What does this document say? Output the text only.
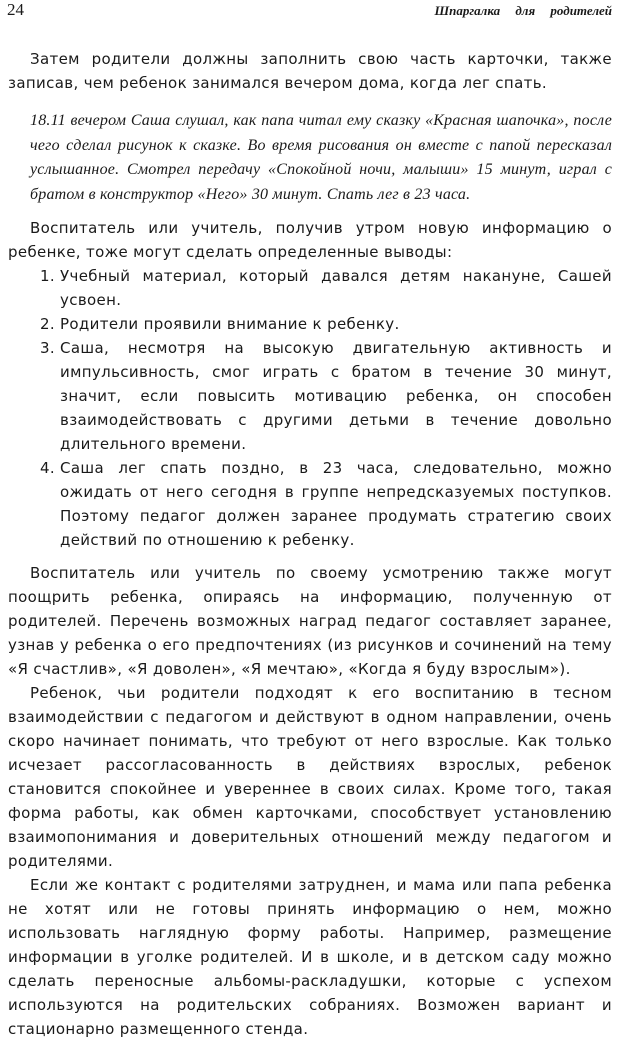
24	Шпаргалка для родителей

Затем родители должны заполнить свою часть карточки, также записав, чем ребенок занимался вечером дома, когда лег спать.

18.11 вечером Саша слушал, как папа читал ему сказку «Красная шапочка», после чего сделал рисунок к сказке. Во время рисования он вместе с папой пересказал услышанное. Смотрел передачу «Спокойной ночи, малыши» 15 минут, играл с братом в конструктор «Него» 30 минут. Спать лег в 23 часа.

Воспитатель или учитель, получив утром новую информацию о ребенке, тоже могут сделать определенные выводы:

1. Учебный материал, который давался детям накануне, Сашей усвоен.
2. Родители проявили внимание к ребенку.
3. Саша, несмотря на высокую двигательную активность и импульсивность, смог играть с братом в течение 30 минут, значит, если повысить мотивацию ребенка, он способен взаимодействовать с другими детьми в течение довольно длительного времени.
4. Саша лег спать поздно, в 23 часа, следовательно, можно ожидать от него сегодня в группе непредсказуемых поступков. Поэтому педагог должен заранее продумать стратегию своих действий по отношению к ребенку.

Воспитатель или учитель по своему усмотрению также могут поощрить ребенка, опираясь на информацию, полученную от родителей. Перечень возможных наград педагог составляет заранее, узнав у ребенка о его предпочтениях (из рисунков и сочинений на тему «Я счастлив», «Я доволен», «Я мечтаю», «Когда я буду взрослым»).

Ребенок, чьи родители подходят к его воспитанию в тесном взаимодействии с педагогом и действуют в одном направлении, очень скоро начинает понимать, что требуют от него взрослые. Как только исчезает рассогласованность в действиях взрослых, ребенок становится спокойнее и увереннее в своих силах. Кроме того, такая форма работы, как обмен карточками, способствует установлению взаимопонимания и доверительных отношений между педагогом и родителями.

Если же контакт с родителями затруднен, и мама или папа ребенка не хотят или не готовы принять информацию о нем, можно использовать наглядную форму работы. Например, размещение информации в уголке родителей. И в школе, и в детском саду можно сделать переносные альбомы-раскладушки, которые с успехом используются на родительских собраниях. Возможен вариант и стационарно размещенного стенда.
